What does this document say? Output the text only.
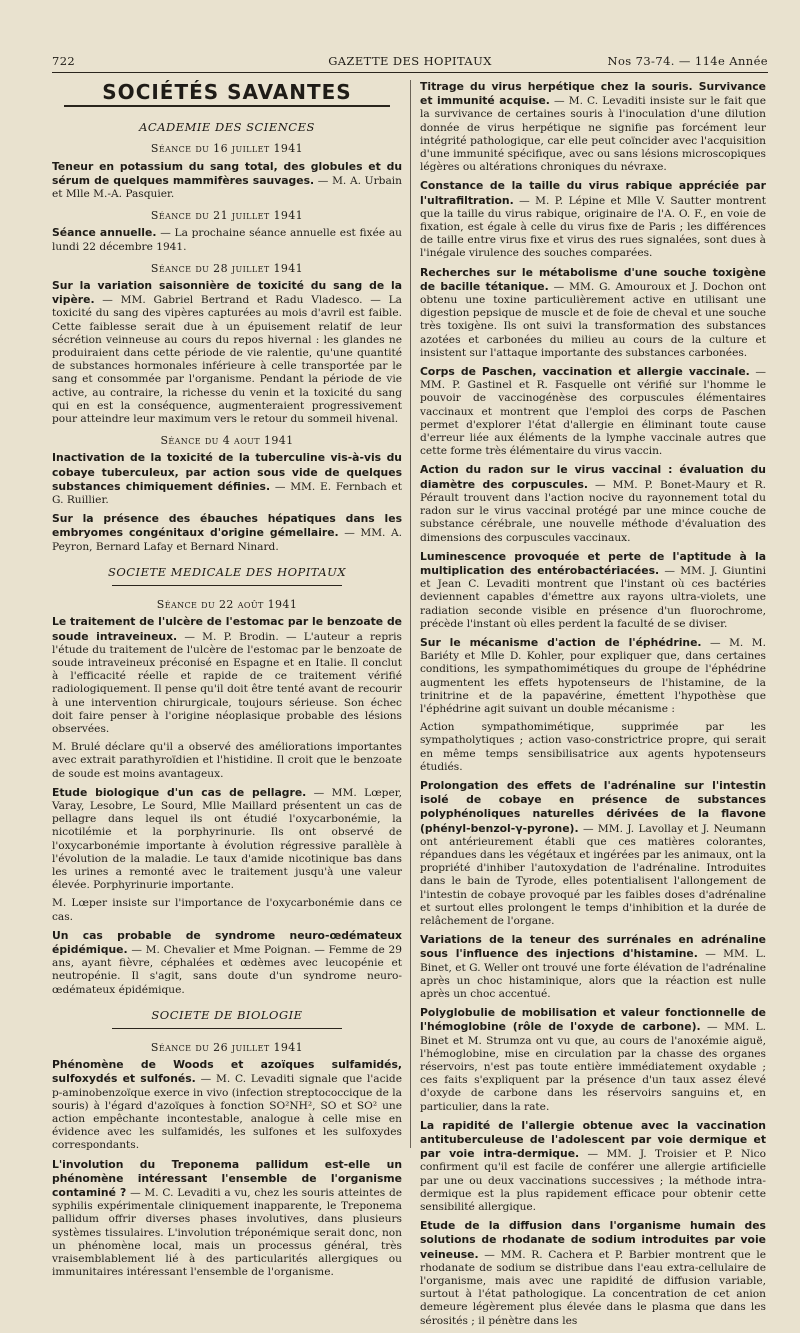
722	GAZETTE DES HOPITAUX	Nos 73-74. — 114e Année
SOCIÉTÉS SAVANTES
ACADEMIE DES SCIENCES
Séance du 16 juillet 1941

Teneur en potassium du sang total, des globules et du sérum de quelques mammifères sauvages. — M. A. Urbain et Mlle M.-A. Pasquier.

Séance du 21 juillet 1941

Séance annuelle. — La prochaine séance annuelle est fixée au lundi 22 décembre 1941.

Séance du 28 juillet 1941

Sur la variation saisonnière de toxicité du sang de la vipère. — MM. Gabriel Bertrand et Radu Vladesco. — La toxicité du sang des vipères capturées au mois d'avril est faible. Cette faiblesse serait due à un épuisement relatif de leur sécrétion veinneuse au cours du repos hivernal : les glandes ne produiraient dans cette période de vie ralentie, qu'une quantité de substances hormonales inférieure à celle transportée par le sang et consommée par l'organisme. Pendant la période de vie active, au contraire, la richesse du venin et la toxicité du sang qui en est la conséquence, augmenteraient progressivement pour atteindre leur maximum vers le retour du sommeil hivenal.

Séance du 4 aout 1941

Inactivation de la toxicité de la tuberculine vis-à-vis du cobaye tuberculeux, par action sous vide de quelques substances chimiquement définies. — MM. E. Fernbach et G. Ruillier.

Sur la présence des ébauches hépatiques dans les embryomes congénitaux d'origine gémellaire. — MM. A. Peyron, Bernard Lafay et Bernard Ninard.

SOCIETE MEDICALE DES HOPITAUX
Séance du 22 août 1941

Le traitement de l'ulcère de l'estomac par le benzoate de soude intraveineux. — M. P. Brodin. — L'auteur a repris l'étude du traitement de l'ulcère de l'estomac par le benzoate de soude intraveineux préconisé en Espagne et en Italie. Il conclut à l'efficacité réelle et rapide de ce traitement vérifié radiologiquement. Il pense qu'il doit être tenté avant de recourir à une intervention chirurgicale, toujours sérieuse. Son échec doit faire penser à l'origine néoplasique probable des lésions observées.

M. Brulé déclare qu'il a observé des améliorations importantes avec extrait parathyroïdien et l'histidine. Il croit que le benzoate de soude est moins avantageux.

Etude biologique d'un cas de pellagre. — MM. Lœper, Varay, Lesobre, Le Sourd, Mlle Maillard présentent un cas de pellagre dans lequel ils ont étudié l'oxycarbonémie, la nicotilémie et la porphyrinurie. Ils ont observé de l'oxycarbonémie importante à évolution régressive parallèle à l'évolution de la maladie. Le taux d'amide nicotinique bas dans les urines a remonté avec le traitement jusqu'à une valeur élevée. Porphyrinurie importante.

M. Lœper insiste sur l'importance de l'oxycarbonémie dans ce cas.

Un cas probable de syndrome neuro-œdémateux épidémique. — M. Chevalier et Mme Poignan. — Femme de 29 ans, ayant fièvre, céphalées et œdèmes avec leucopénie et neutropénie. Il s'agit, sans doute d'un syndrome neuro-œdémateux épidémique.

SOCIETE DE BIOLOGIE
Séance du 26 juillet 1941

Phénomène de Woods et azoïques sulfamidés, sulfoxydés et sulfonés. — M. C. Levaditi signale que l'acide p-aminobenzoïque exerce in vivo (infection streptococcique de la souris) à l'égard d'azoïques à fonction SO²NH², SO et SO² une action empêchante incontestable, analogue à celle mise en évidence avec les sulfamidés, les sulfones et les sulfoxydes correspondants.

L'involution du Treponema pallidum est-elle un phénomène intéressant l'ensemble de l'organisme contaminé ? — M. C. Levaditi a vu, chez les souris atteintes de syphilis expérimentale cliniquement inapparente, le Treponema pallidum offrir diverses phases involutives, dans plusieurs systèmes tissulaires. L'involution tréponémique serait donc, non un phénomène local, mais un processus général, très vraisemblablement lié à des particularités allergiques ou immunitaires intéressant l'ensemble de l'organisme.

Titrage du virus herpétique chez la souris. Survivance et immunité acquise. — M. C. Levaditi insiste sur le fait que la survivance de certaines souris à l'inoculation d'une dilution donnée de virus herpétique ne signifie pas forcément leur intégrité pathologique, car elle peut coïncider avec l'acquisition d'une immunité spécifique, avec ou sans lésions microscopiques légères ou altérations chroniques du névraxe.

Constance de la taille du virus rabique appréciée par l'ultrafiltration. — M. P. Lépine et Mlle V. Sautter montrent que la taille du virus rabique, originaire de l'A. O. F., en voie de fixation, est égale à celle du virus fixe de Paris ; les différences de taille entre virus fixe et virus des rues signalées, sont dues à l'inégale virulence des souches comparées.

Recherches sur le métabolisme d'une souche toxigène de bacille tétanique. — MM. G. Amouroux et J. Dochon ont obtenu une toxine particulièrement active en utilisant une digestion pepsique de muscle et de foie de cheval et une souche très toxigène. Ils ont suivi la transformation des substances azotées et carbonées du milieu au cours de la culture et insistent sur l'attaque importante des substances carbonées.

Corps de Paschen, vaccination et allergie vaccinale. — MM. P. Gastinel et R. Fasquelle ont vérifié sur l'homme le pouvoir de vaccinogénèse des corpuscules élémentaires vaccinaux et montrent que l'emploi des corps de Paschen permet d'explorer l'état d'allergie en éliminant toute cause d'erreur liée aux éléments de la lymphe vaccinale autres que cette forme très élémentaire du virus vaccin.

Action du radon sur le virus vaccinal : évaluation du diamètre des corpuscules. — MM. P. Bonet-Maury et R. Pérault trouvent dans l'action nocive du rayonnement total du radon sur le virus vaccinal protégé par une mince couche de substance cérébrale, une nouvelle méthode d'évaluation des dimensions des corpuscules vaccinaux.

Luminescence provoquée et perte de l'aptitude à la multiplication des entérobactériacées. — MM. J. Giuntini et Jean C. Levaditi montrent que l'instant où ces bactéries deviennent capables d'émettre aux rayons ultra-violets, une radiation seconde visible en présence d'un fluorochrome, précède l'instant où elles perdent la faculté de se diviser.

Sur le mécanisme d'action de l'éphédrine. — M. M. Bariéty et Mlle D. Kohler, pour expliquer que, dans certaines conditions, les sympathomimétiques du groupe de l'éphédrine augmentent les effets hypotenseurs de l'histamine, de la trinitrine et de la papavérine, émettent l'hypothèse que l'éphédrine agit suivant un double mécanisme :

Action sympathomimétique, supprimée par les sympatholytiques ; action vaso-constrictrice propre, qui serait en même temps sensibilisatrice aux agents hypotenseurs étudiés.

Prolongation des effets de l'adrénaline sur l'intestin isolé de cobaye en présence de substances polyphénoliques naturelles dérivées de la flavone (phényl-benzol-γ-pyrone). — MM. J. Lavollay et J. Neumann ont antérieurement établi que ces matières colorantes, répandues dans les végétaux et ingérées par les animaux, ont la propriété d'inhiber l'autoxydation de l'adrénaline. Introduites dans le bain de Tyrode, elles potentialisent l'allongement de l'intestin de cobaye provoqué par les faibles doses d'adrénaline et surtout elles prolongent le temps d'inhibition et la durée de relâchement de l'organe.

Variations de la teneur des surrénales en adrénaline sous l'influence des injections d'histamine. — MM. L. Binet, et G. Weller ont trouvé une forte élévation de l'adrénaline après un choc histaminique, alors que la réaction est nulle après un choc accentué.

Polyglobulie de mobilisation et valeur fonctionnelle de l'hémoglobine (rôle de l'oxyde de carbone). — MM. L. Binet et M. Strumza ont vu que, au cours de l'anoxémie aiguë, l'hémoglobine, mise en circulation par la chasse des organes réservoirs, n'est pas toute entière immédiatement oxydable ; ces faits s'expliquent par la présence d'un taux assez élevé d'oxyde de carbone dans les réservoirs sanguins et, en particulier, dans la rate.

La rapidité de l'allergie obtenue avec la vaccination antituberculeuse de l'adolescent par voie dermique et par voie intra-dermique. — MM. J. Troisier et P. Nico confirment qu'il est facile de conférer une allergie artificielle par une ou deux vaccinations successives ; la méthode intra-dermique est la plus rapidement efficace pour obtenir cette sensibilité allergique.

Etude de la diffusion dans l'organisme humain des solutions de rhodanate de sodium introduites par voie veineuse. — MM. R. Cachera et P. Barbier montrent que le rhodanate de sodium se distribue dans l'eau extra-cellulaire de l'organisme, mais avec une rapidité de diffusion variable, surtout à l'état pathologique. La concentration de cet anion demeure légèrement plus élevée dans le plasma que dans les sérosités ; il pénètre dans les
